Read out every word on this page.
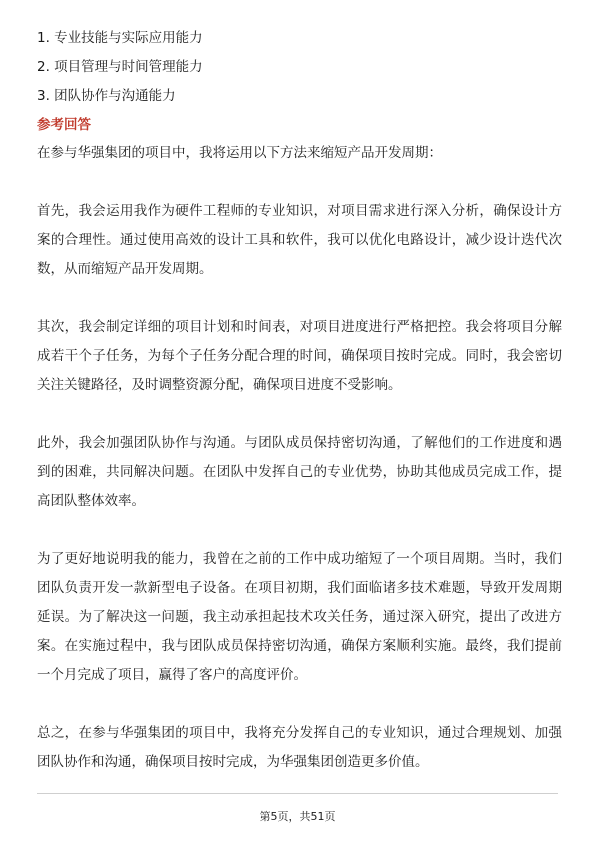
1. 专业技能与实际应用能力

2. 项目管理与时间管理能力

3. 团队协作与沟通能力

参考回答

在参与华强集团的项目中，我将运用以下方法来缩短产品开发周期：

首先，我会运用我作为硬件工程师的专业知识，对项目需求进行深入分析，确保设计方案的合理性。通过使用高效的设计工具和软件，我可以优化电路设计，减少设计迭代次数，从而缩短产品开发周期。

其次，我会制定详细的项目计划和时间表，对项目进度进行严格把控。我会将项目分解成若干个子任务，为每个子任务分配合理的时间，确保项目按时完成。同时，我会密切关注关键路径，及时调整资源分配，确保项目进度不受影响。

此外，我会加强团队协作与沟通。与团队成员保持密切沟通，了解他们的工作进度和遇到的困难，共同解决问题。在团队中发挥自己的专业优势，协助其他成员完成工作，提高团队整体效率。

为了更好地说明我的能力，我曾在之前的工作中成功缩短了一个项目周期。当时，我们团队负责开发一款新型电子设备。在项目初期，我们面临诸多技术难题，导致开发周期延误。为了解决这一问题，我主动承担起技术攻关任务，通过深入研究，提出了改进方案。在实施过程中，我与团队成员保持密切沟通，确保方案顺利实施。最终，我们提前一个月完成了项目，赢得了客户的高度评价。

总之，在参与华强集团的项目中，我将充分发挥自己的专业知识，通过合理规划、加强团队协作和沟通，确保项目按时完成，为华强集团创造更多价值。

第5页，共51页
